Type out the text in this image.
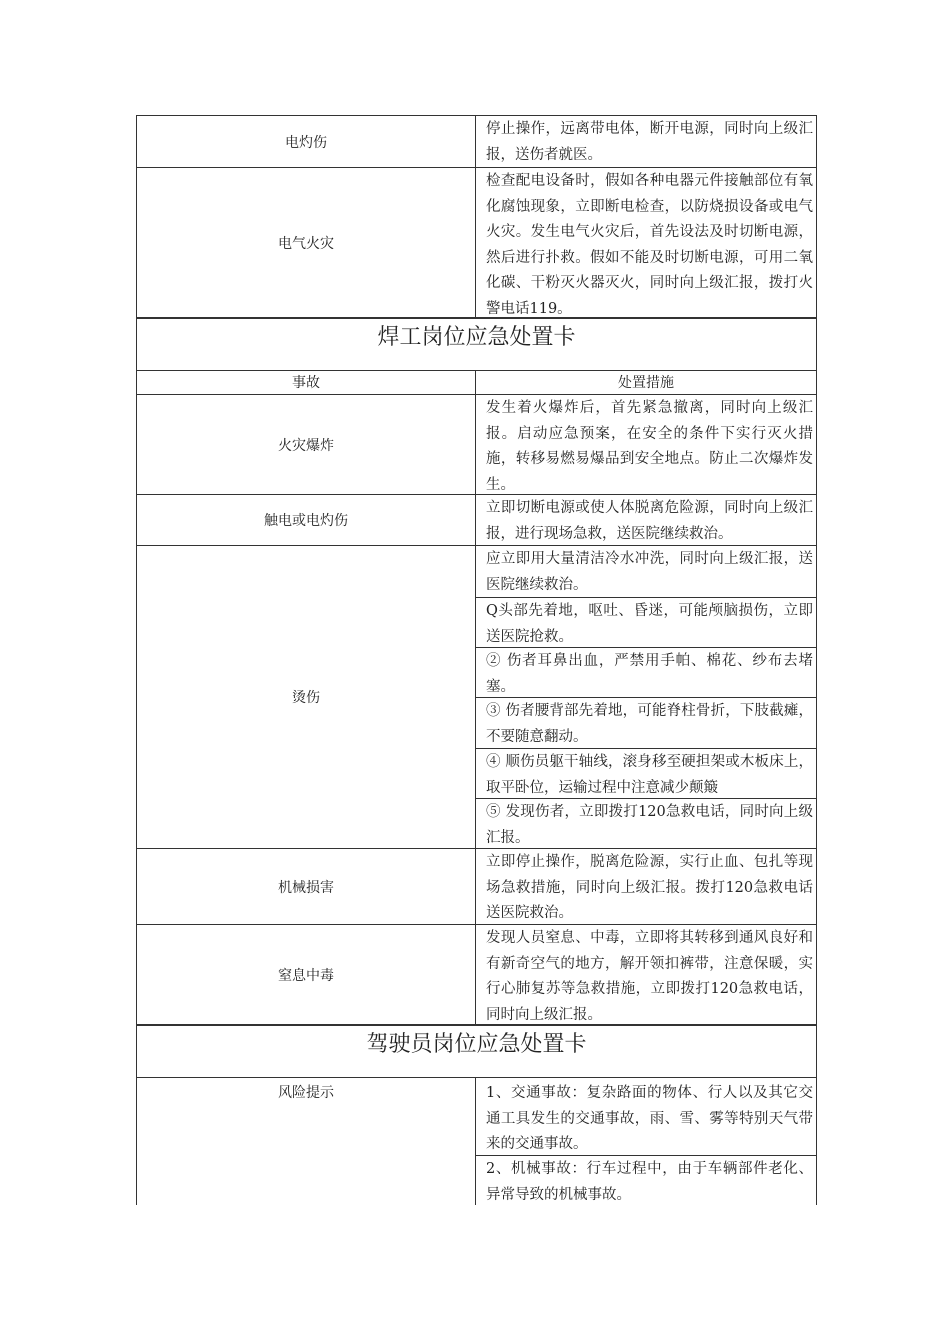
电灼伤
停止操作，远离带电体，断开电源，同时向上级汇报，送伤者就医。
电气火灾
检查配电设备时，假如各种电器元件接触部位有氧化腐蚀现象，立即断电检查，以防烧损设备或电气火灾。发生电气火灾后，首先设法及时切断电源，然后进行扑救。假如不能及时切断电源，可用二氧化碳、干粉灭火器灭火，同时向上级汇报，拨打火警电话119。
焊工岗位应急处置卡
事故	处置措施
火灾爆炸
发生着火爆炸后，首先紧急撤离，同时向上级汇报。启动应急预案，在安全的条件下实行灭火措施，转移易燃易爆品到安全地点。防止二次爆炸发生。
触电或电灼伤
立即切断电源或使人体脱离危险源，同时向上级汇报，进行现场急救，送医院继续救治。
烫伤
应立即用大量清洁冷水冲洗，同时向上级汇报，送医院继续救治。
Q头部先着地，呕吐、昏迷，可能颅脑损伤，立即送医院抢救。
② 伤者耳鼻出血，严禁用手帕、棉花、纱布去堵塞。
③ 伤者腰背部先着地，可能脊柱骨折，下肢截瘫，不要随意翻动。
④ 顺伤员躯干轴线，滚身移至硬担架或木板床上，取平卧位，运输过程中注意减少颠簸
⑤ 发现伤者，立即拨打120急救电话，同时向上级汇报。
机械损害
立即停止操作，脱离危险源，实行止血、包扎等现场急救措施，同时向上级汇报。拨打120急救电话送医院救治。
窒息中毒
发现人员窒息、中毒，立即将其转移到通风良好和有新奇空气的地方，解开领扣裤带，注意保暖，实行心肺复苏等急救措施，立即拨打120急救电话，同时向上级汇报。
驾驶员岗位应急处置卡
风险提示	1、交通事故：复杂路面的物体、行人以及其它交通工具发生的交通事故，雨、雪、雾等特别天气带来的交通事故。
2、机械事故：行车过程中，由于车辆部件老化、异常导致的机械事故。
